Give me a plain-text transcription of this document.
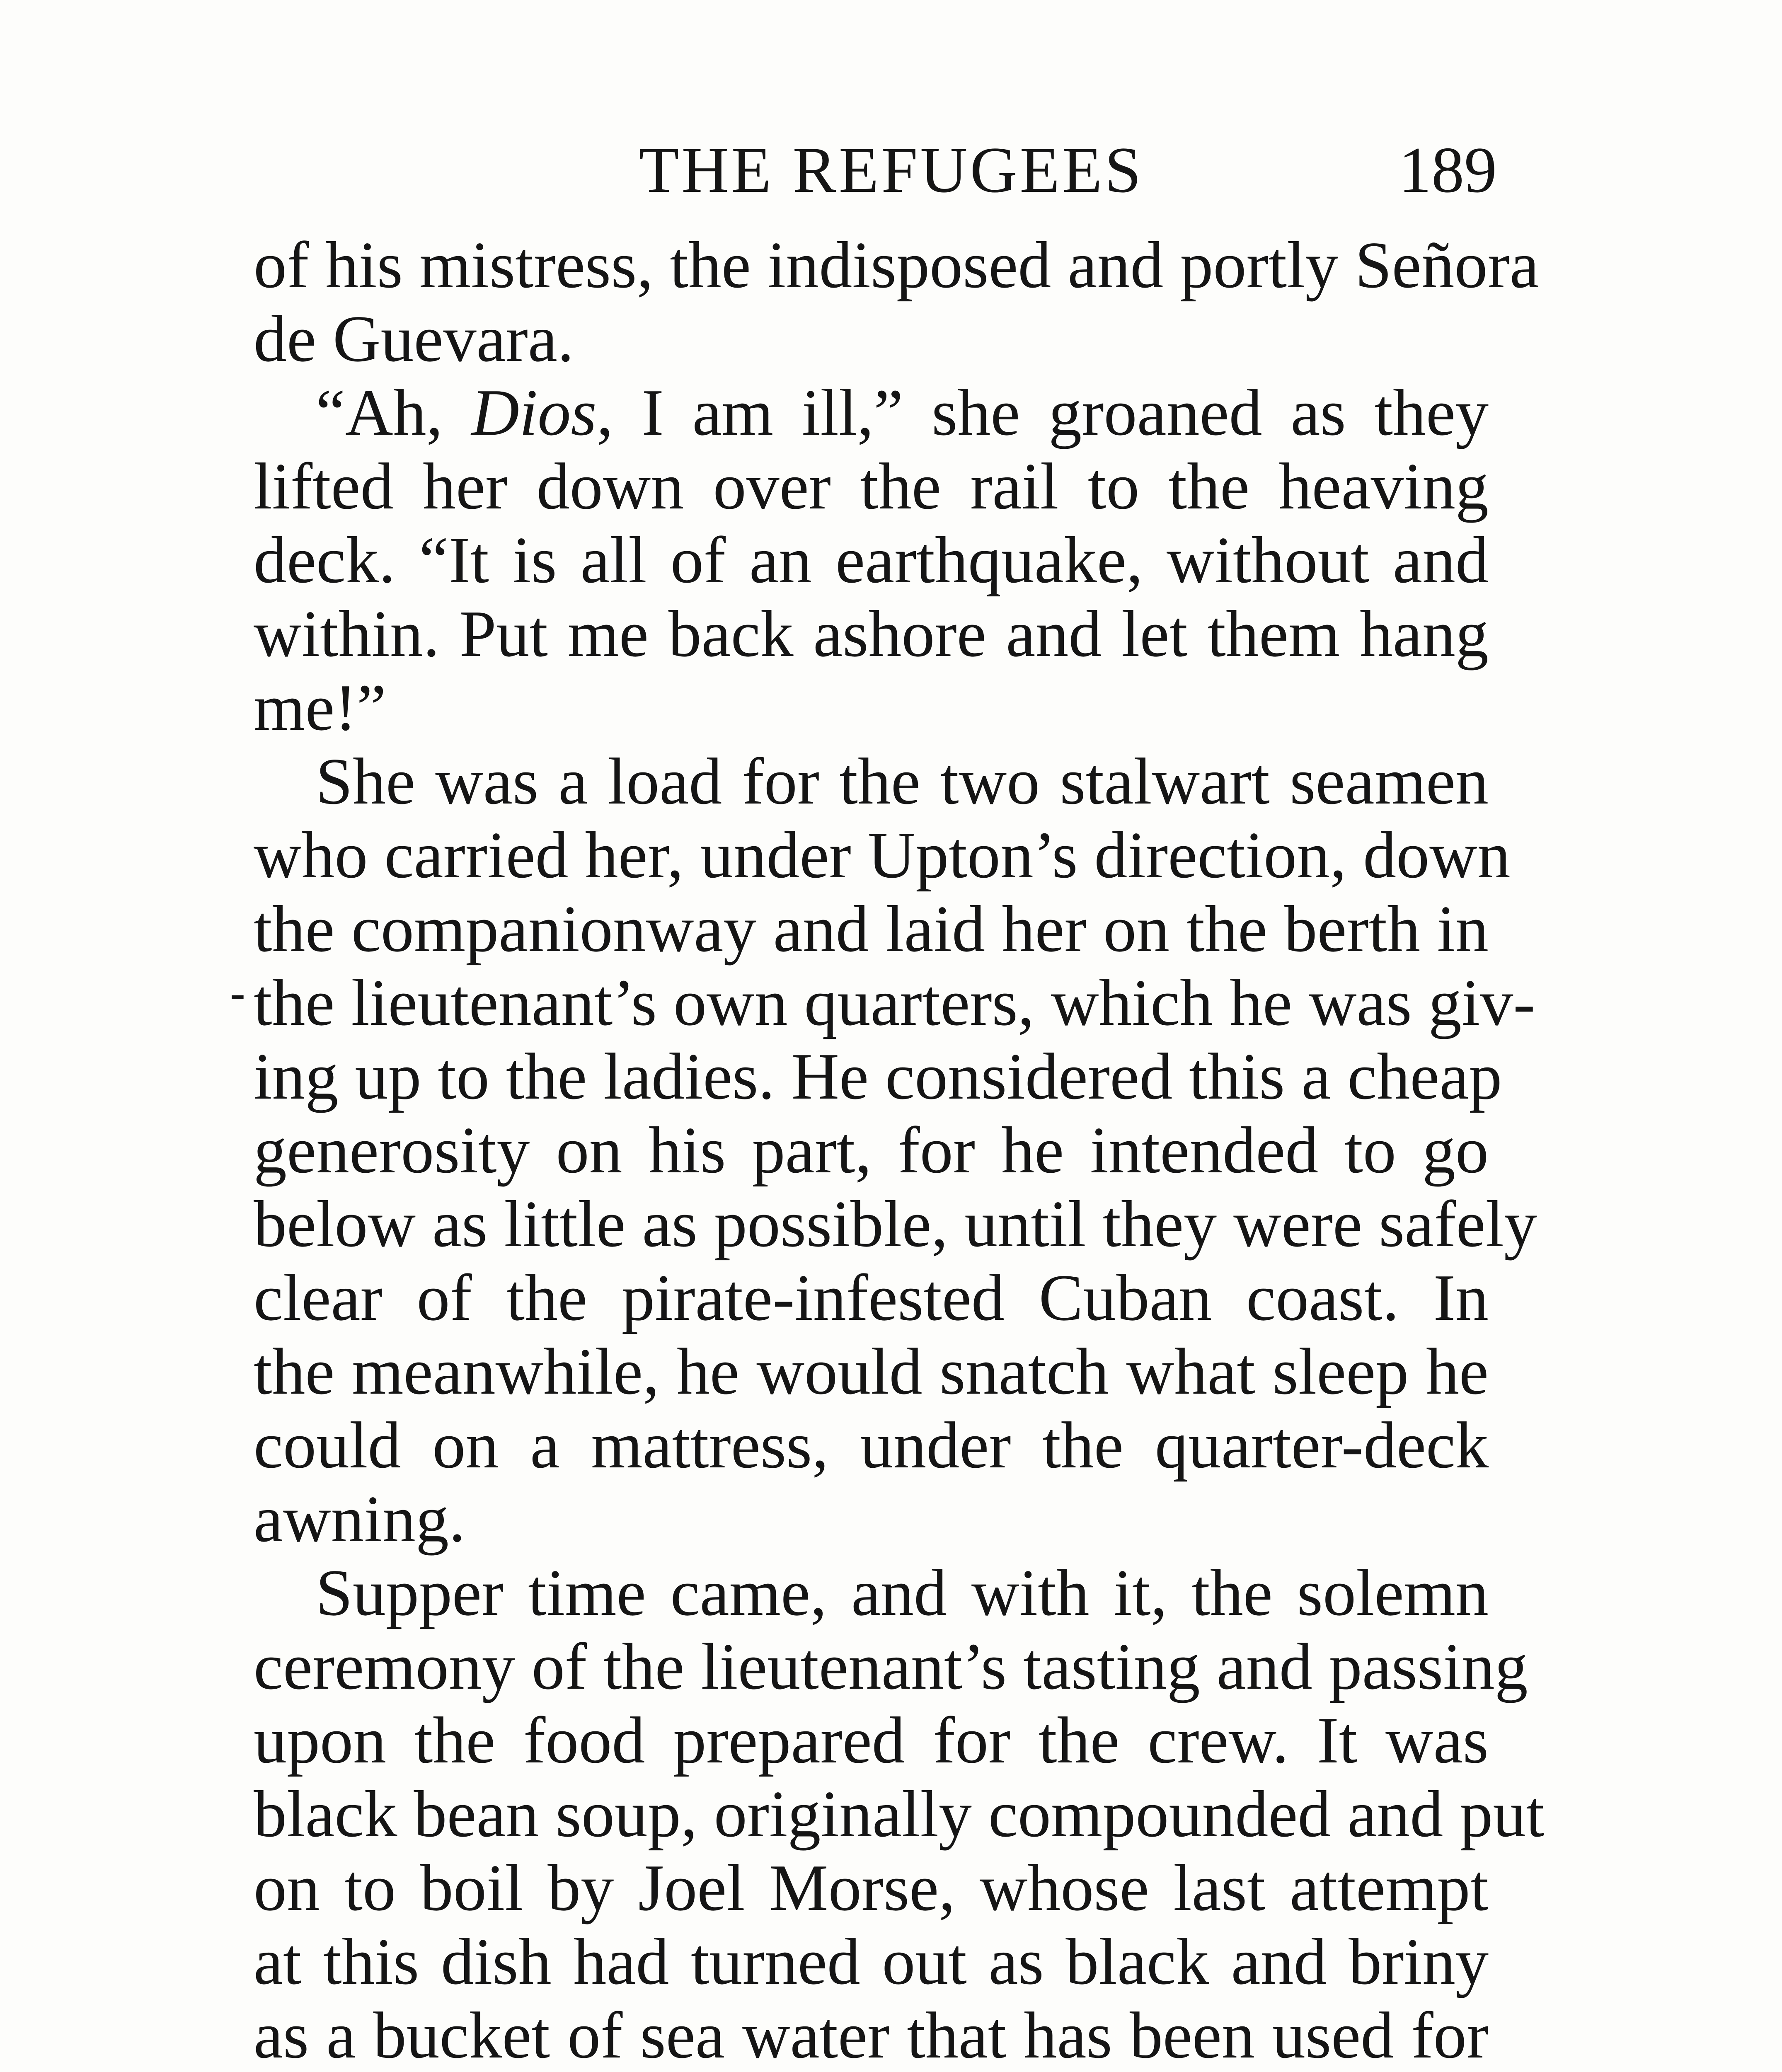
THE REFUGEES	189
of his mistress, the indisposed and portly Señora
de Guevara.
“Ah, Dios, I am ill,” she groaned as they
lifted her down over the rail to the heaving
deck. “It is all of an earthquake, without and
within. Put me back ashore and let them hang
me!”
She was a load for the two stalwart seamen
who carried her, under Upton’s direction, down
the companionway and laid her on the berth in
the lieutenant’s own quarters, which he was giv-
ing up to the ladies. He considered this a cheap
generosity on his part, for he intended to go
below as little as possible, until they were safely
clear of the pirate-infested Cuban coast. In
the meanwhile, he would snatch what sleep he
could on a mattress, under the quarter-deck
awning.
Supper time came, and with it, the solemn
ceremony of the lieutenant’s tasting and passing
upon the food prepared for the crew. It was
black bean soup, originally compounded and put
on to boil by Joel Morse, whose last attempt
at this dish had turned out as black and briny
as a bucket of sea water that has been used for
-
